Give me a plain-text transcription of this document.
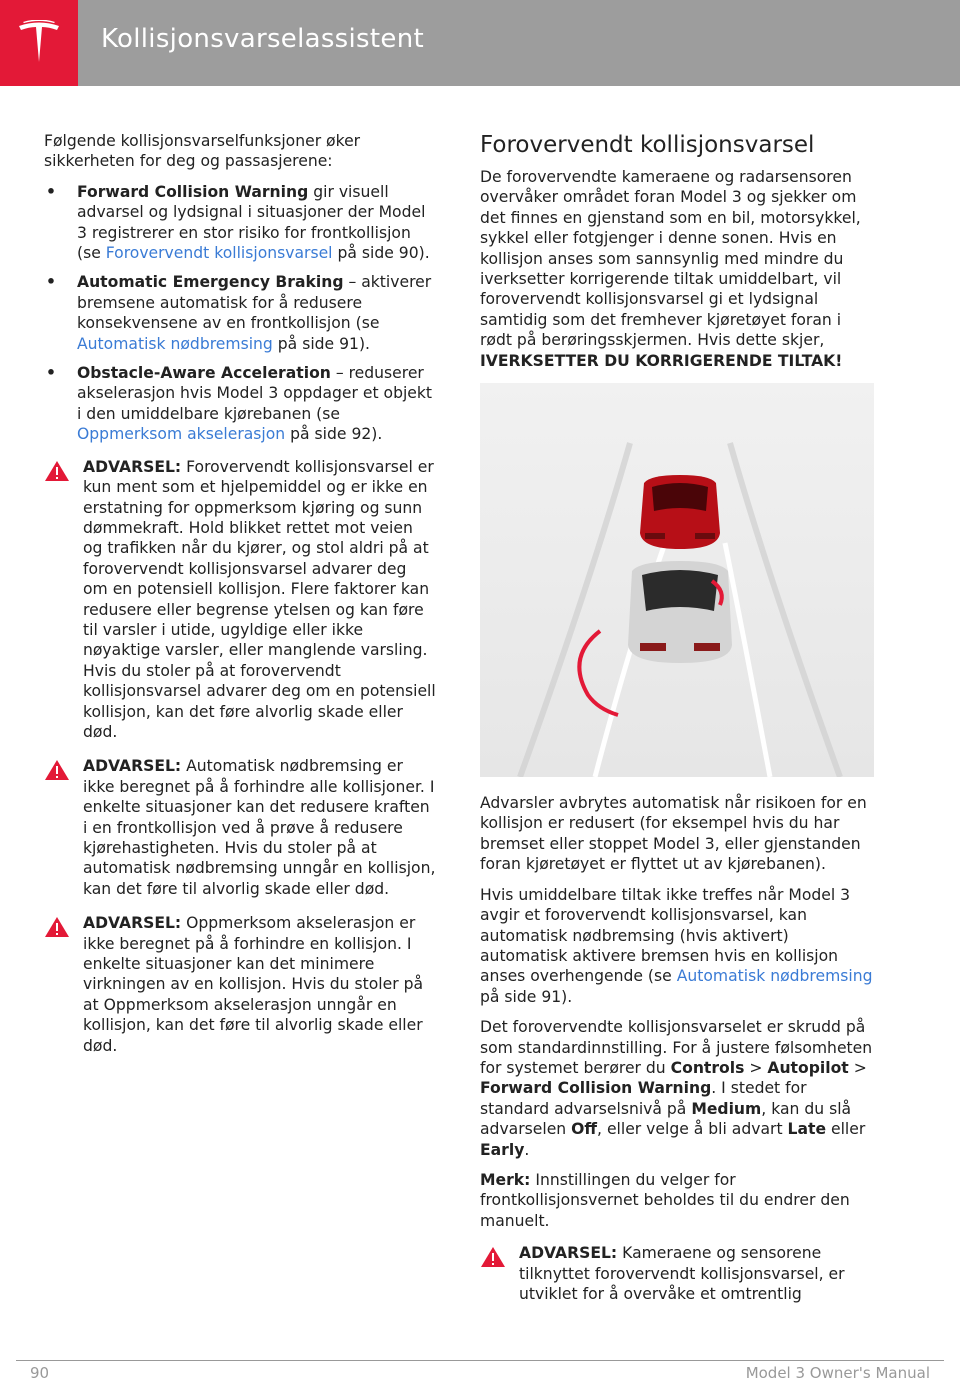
Kollisjonsvarselassistent

Følgende kollisjonsvarselfunksjoner øker sikkerheten for deg og passasjerene:

• Forward Collision Warning gir visuell advarsel og lydsignal i situasjoner der Model 3 registrerer en stor risiko for frontkollisjon (se Forovervendt kollisjonsvarsel på side 90).
• Automatic Emergency Braking – aktiverer bremsene automatisk for å redusere konsekvensene av en frontkollisjon (se Automatisk nødbremsing på side 91).
• Obstacle-Aware Acceleration – reduserer akselerasjon hvis Model 3 oppdager et objekt i den umiddelbare kjørebanen (se Oppmerksom akselerasjon på side 92).
ADVARSEL: Forovervendt kollisjonsvarsel er kun ment som et hjelpemiddel og er ikke en erstatning for oppmerksom kjøring og sunn dømmekraft. Hold blikket rettet mot veien og trafikken når du kjører, og stol aldri på at forovervendt kollisjonsvarsel advarer deg om en potensiell kollisjon. Flere faktorer kan redusere eller begrense ytelsen og kan føre til varsler i utide, ugyldige eller ikke nøyaktige varsler, eller manglende varsling. Hvis du stoler på at forovervendt kollisjonsvarsel advarer deg om en potensiell kollisjon, kan det føre alvorlig skade eller død.
ADVARSEL: Automatisk nødbremsing er ikke beregnet på å forhindre alle kollisjoner. I enkelte situasjoner kan det redusere kraften i en frontkollisjon ved å prøve å redusere kjørehastigheten. Hvis du stoler på at automatisk nødbremsing unngår en kollisjon, kan det føre til alvorlig skade eller død.
ADVARSEL: Oppmerksom akselerasjon er ikke beregnet på å forhindre en kollisjon. I enkelte situasjoner kan det minimere virkningen av en kollisjon. Hvis du stoler på at Oppmerksom akselerasjon unngår en kollisjon, kan det føre til alvorlig skade eller død.
Forovervendt kollisjonsvarsel

De forovervendte kameraene og radarsensoren overvåker området foran Model 3 og sjekker om det finnes en gjenstand som en bil, motorsykkel, sykkel eller fotgjenger i denne sonen. Hvis en kollisjon anses som sannsynlig med mindre du iverksetter korrigerende tiltak umiddelbart, vil forovervendt kollisjonsvarsel gi et lydsignal samtidig som det fremhever kjøretøyet foran i rødt på berøringsskjermen. Hvis dette skjer, IVERKSETTER DU KORRIGERENDE TILTAK!

Advarsler avbrytes automatisk når risikoen for en kollisjon er redusert (for eksempel hvis du har bremset eller stoppet Model 3, eller gjenstanden foran kjøretøyet er flyttet ut av kjørebanen).

Hvis umiddelbare tiltak ikke treffes når Model 3 avgir et forovervendt kollisjonsvarsel, kan automatisk nødbremsing (hvis aktivert) automatisk aktivere bremsen hvis en kollisjon anses overhengende (se Automatisk nødbremsing på side 91).

Det forovervendte kollisjonsvarselet er skrudd på som standardinnstilling. For å justere følsomheten for systemet berører du Controls > Autopilot > Forward Collision Warning. I stedet for standard advarselsnivå på Medium, kan du slå advarselen Off, eller velge å bli advart Late eller Early.

Merk: Innstillingen du velger for frontkollisjonsvernet beholdes til du endrer den manuelt.

ADVARSEL: Kameraene og sensorene tilknyttet forovervendt kollisjonsvarsel, er utviklet for å overvåke et omtrentlig
90	Model 3 Owner's Manual
